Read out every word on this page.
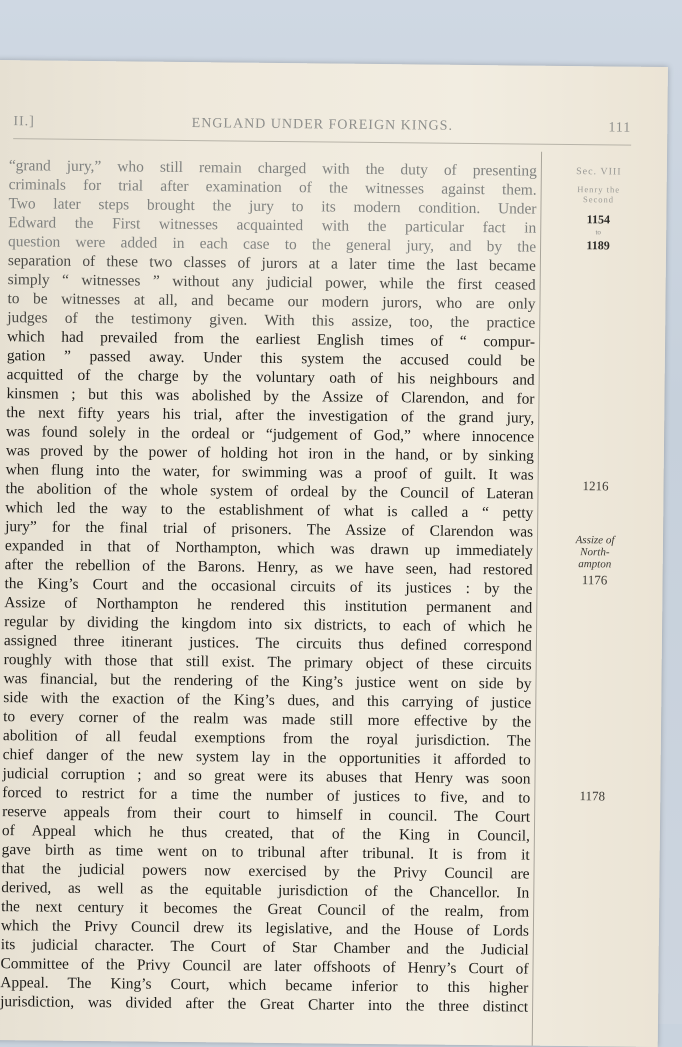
II.]	ENGLAND UNDER FOREIGN KINGS.	111
“grand jury,” who still remain charged with the duty of presenting
criminals for trial after examination of the witnesses against them.
Two later steps brought the jury to its modern condition. Under
Edward the First witnesses acquainted with the particular fact in
question were added in each case to the general jury, and by the
separation of these two classes of jurors at a later time the last became
simply “ witnesses ” without any judicial power, while the first ceased
to be witnesses at all, and became our modern jurors, who are only
judges of the testimony given. With this assize, too, the practice
which had prevailed from the earliest English times of “ compur-
gation ” passed away. Under this system the accused could be
acquitted of the charge by the voluntary oath of his neighbours and
kinsmen ; but this was abolished by the Assize of Clarendon, and for
the next fifty years his trial, after the investigation of the grand jury,
was found solely in the ordeal or “judgement of God,” where innocence
was proved by the power of holding hot iron in the hand, or by sinking
when flung into the water, for swimming was a proof of guilt. It was
the abolition of the whole system of ordeal by the Council of Lateran
which led the way to the establishment of what is called a “ petty
jury” for the final trial of prisoners. The Assize of Clarendon was
expanded in that of Northampton, which was drawn up immediately
after the rebellion of the Barons. Henry, as we have seen, had restored
the King’s Court and the occasional circuits of its justices : by the
Assize of Northampton he rendered this institution permanent and
regular by dividing the kingdom into six districts, to each of which he
assigned three itinerant justices. The circuits thus defined correspond
roughly with those that still exist. The primary object of these circuits
was financial, but the rendering of the King’s justice went on side by
side with the exaction of the King’s dues, and this carrying of justice
to every corner of the realm was made still more effective by the
abolition of all feudal exemptions from the royal jurisdiction. The
chief danger of the new system lay in the opportunities it afforded to
judicial corruption ; and so great were its abuses that Henry was soon
forced to restrict for a time the number of justices to five, and to
reserve appeals from their court to himself in council. The Court
of Appeal which he thus created, that of the King in Council,
gave birth as time went on to tribunal after tribunal. It is from it
that the judicial powers now exercised by the Privy Council are
derived, as well as the equitable jurisdiction of the Chancellor. In
the next century it becomes the Great Council of the realm, from
which the Privy Council drew its legislative, and the House of Lords
its judicial character. The Court of Star Chamber and the Judicial
Committee of the Privy Council are later offshoots of Henry’s Court of
Appeal. The King’s Court, which became inferior to this higher
jurisdiction, was divided after the Great Charter into the three distinct
Sec. VIII
Henry the
Second
1154
to
1189
1216
Assize of
North-
ampton
1176
1178
